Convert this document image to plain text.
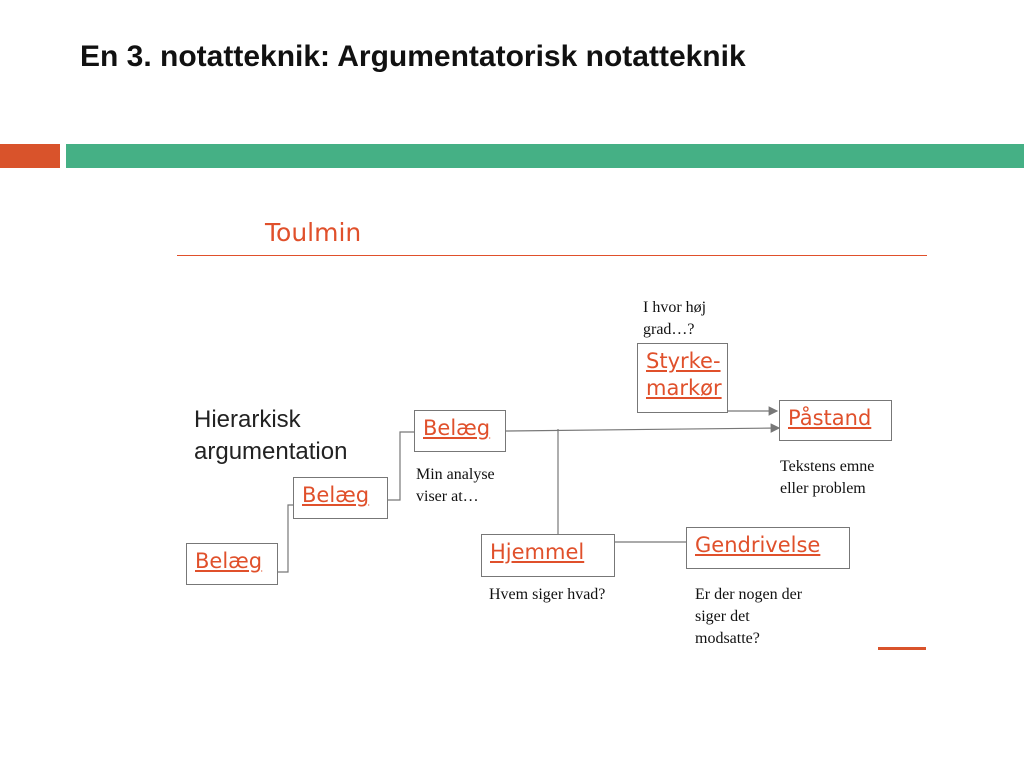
En 3. notatteknik: Argumentatorisk notatteknik
Toulmin
Hierarkisk
argumentation
Belæg
Belæg
Belæg
Styrke-
markør
Påstand
Hjemmel	Gendrivelse
I hvor høj
grad…?
Min analyse
viser at…
Tekstens emne
eller problem
Hvem siger hvad?	Er der nogen der
siger det
modsatte?
